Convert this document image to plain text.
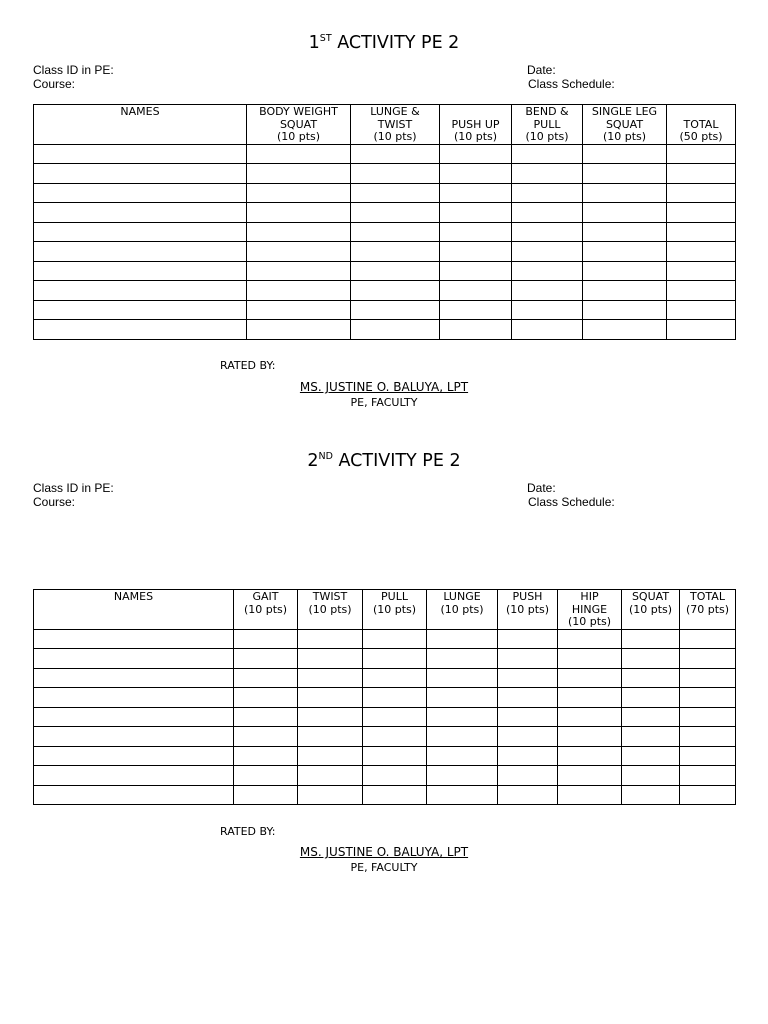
1ST ACTIVITY PE 2
Class ID in PE:
Course:
Date:
Class Schedule:
NAMES	BODY WEIGHT
SQUAT
(10 pts)	LUNGE &
TWIST
(10 pts)	PUSH UP
(10 pts)	BEND &
PULL
(10 pts)	SINGLE LEG
SQUAT
(10 pts)	TOTAL
(50 pts)

RATED BY:
MS. JUSTINE O. BALUYA, LPT
PE, FACULTY
2ND ACTIVITY PE 2
Class ID in PE:
Course:
Date:
Class Schedule:
NAMES	GAIT
(10 pts)	TWIST
(10 pts)	PULL
(10 pts)	LUNGE
(10 pts)	PUSH
(10 pts)	HIP
HINGE
(10 pts)	SQUAT
(10 pts)	TOTAL
(70 pts)

RATED BY:
MS. JUSTINE O. BALUYA, LPT
PE, FACULTY
